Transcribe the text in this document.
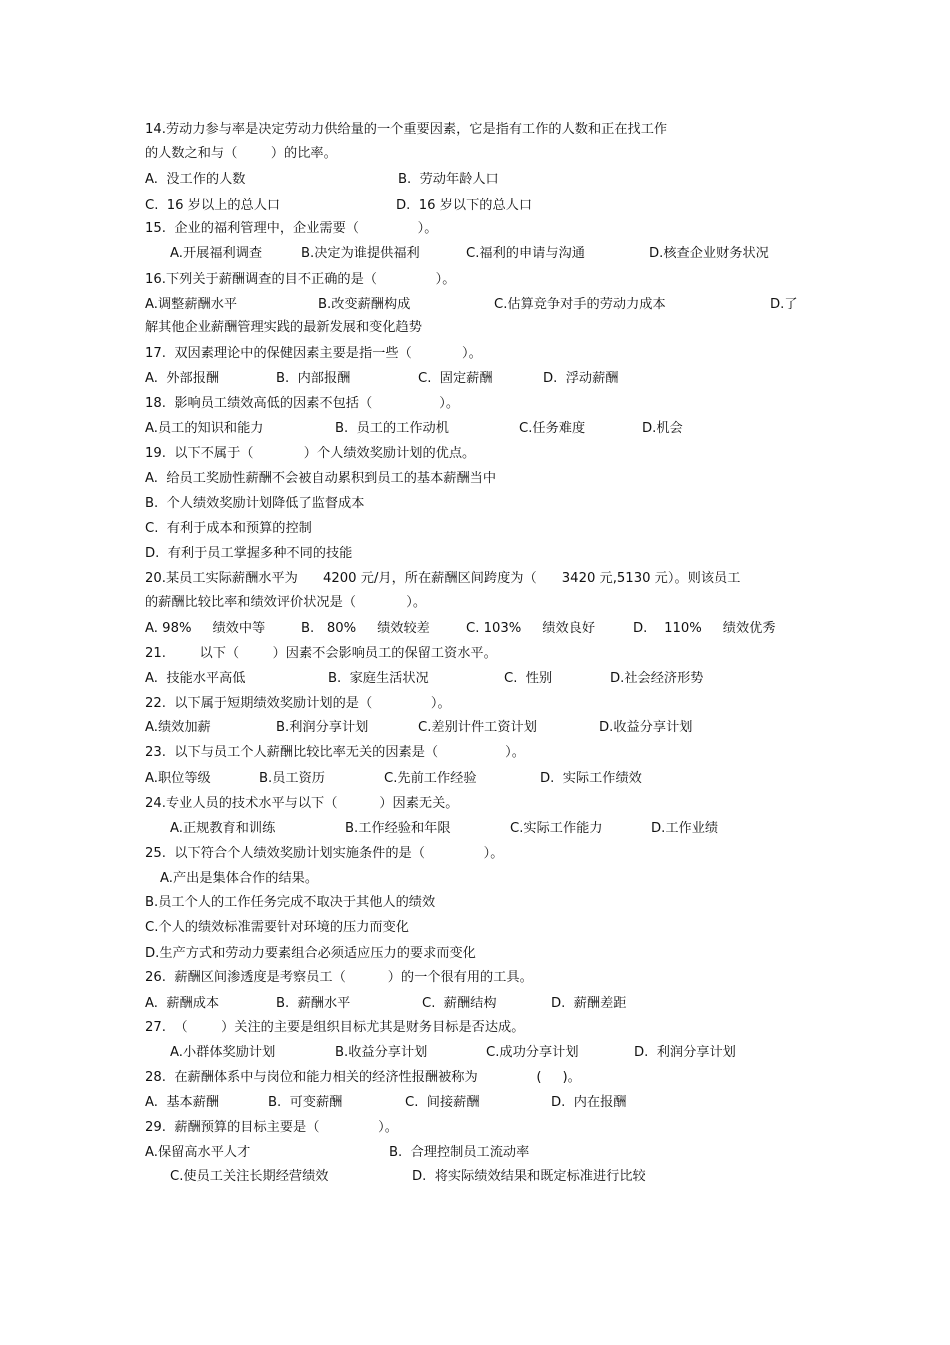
14.劳动力参与率是决定劳动力供给量的一个重要因素，它是指有工作的人数和正在找工作
的人数之和与（        ）的比率。
A.  没工作的人数	B.  劳动年龄人口
C.  16 岁以上的总人口	D.  16 岁以下的总人口
15.  企业的福利管理中，企业需要（              ）。
A.开展福利调查	B.决定为谁提供福利	C.福利的申请与沟通	D.核查企业财务状况
16.下列关于薪酬调查的目不正确的是（              ）。
A.调整薪酬水平	B.改变薪酬构成	C.估算竞争对手的劳动力成本	D.了
解其他企业薪酬管理实践的最新发展和变化趋势
17.  双因素理论中的保健因素主要是指一些（            ）。
A.  外部报酬	B.  内部报酬	C.  固定薪酬	D.  浮动薪酬
18.  影响员工绩效高低的因素不包括（                ）。
A.员工的知识和能力	B.  员工的工作动机	C.任务难度	D.机会
19.  以下不属于（            ）个人绩效奖励计划的优点。
A.  给员工奖励性薪酬不会被自动累积到员工的基本薪酬当中
B.  个人绩效奖励计划降低了监督成本
C.  有利于成本和预算的控制
D.  有利于员工掌握多种不同的技能
20.某员工实际薪酬水平为      4200 元/月，所在薪酬区间跨度为（      3420 元,5130 元）。则该员工
的薪酬比较比率和绩效评价状况是（            ）。
A. 98%     绩效中等	B.   80%     绩效较差	C. 103%     绩效良好	D.    110%     绩效优秀
21.        以下（        ）因素不会影响员工的保留工资水平。
A.  技能水平高低	B.  家庭生活状况	C.  性别	D.社会经济形势
22.  以下属于短期绩效奖励计划的是（              ）。
A.绩效加薪	B.利润分享计划	C.差别计件工资计划	D.收益分享计划
23.  以下与员工个人薪酬比较比率无关的因素是（                ）。
A.职位等级	B.员工资历	C.先前工作经验	D.  实际工作绩效
24.专业人员的技术水平与以下（          ）因素无关。
A.正规教育和训练	B.工作经验和年限	C.实际工作能力	D.工作业绩
25.  以下符合个人绩效奖励计划实施条件的是（              ）。
A.产出是集体合作的结果。
B.员工个人的工作任务完成不取决于其他人的绩效
C.个人的绩效标准需要针对环境的压力而变化
D.生产方式和劳动力要素组合必须适应压力的要求而变化
26.  薪酬区间渗透度是考察员工（          ）的一个很有用的工具。
A.  薪酬成本	B.  薪酬水平	C.  薪酬结构	D.  薪酬差距
27.  （        ）关注的主要是组织目标尤其是财务目标是否达成。
A.小群体奖励计划	B.收益分享计划	C.成功分享计划	D.  利润分享计划
28.  在薪酬体系中与岗位和能力相关的经济性报酬被称为              (     )。
A.  基本薪酬	B.  可变薪酬	C.  间接薪酬	D.  内在报酬
29.  薪酬预算的目标主要是（              ）。
A.保留高水平人才	B.  合理控制员工流动率
C.使员工关注长期经营绩效	D.  将实际绩效结果和既定标准进行比较
